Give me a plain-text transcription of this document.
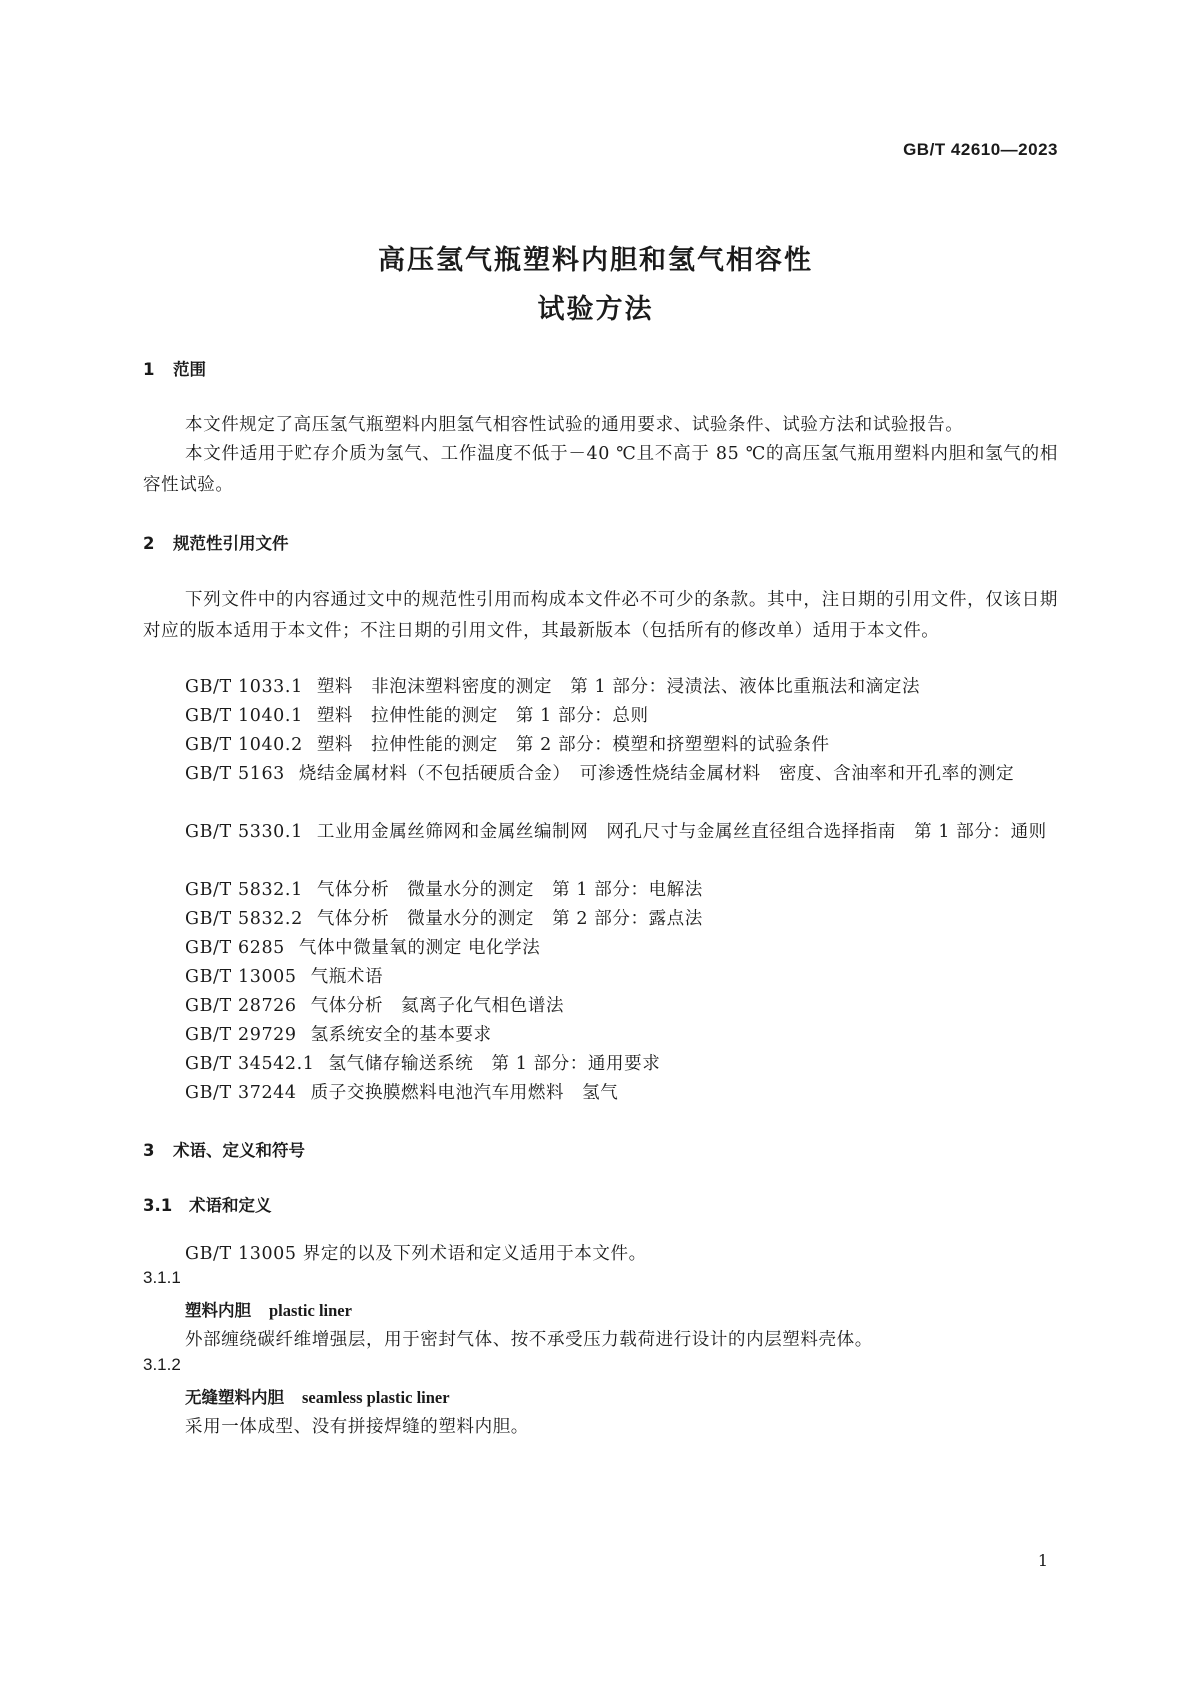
GB/T 42610—2023
高压氢气瓶塑料内胆和氢气相容性
试验方法
1 范围
本文件规定了高压氢气瓶塑料内胆氢气相容性试验的通用要求、试验条件、试验方法和试验报告。
本文件适用于贮存介质为氢气、工作温度不低于－40 ℃且不高于 85 ℃的高压氢气瓶用塑料内胆和氢气的相容性试验。
2 规范性引用文件
下列文件中的内容通过文中的规范性引用而构成本文件必不可少的条款。其中，注日期的引用文件，仅该日期对应的版本适用于本文件；不注日期的引用文件，其最新版本（包括所有的修改单）适用于本文件。
GB/T 1033.1 塑料　非泡沫塑料密度的测定　第 1 部分：浸渍法、液体比重瓶法和滴定法
GB/T 1040.1 塑料　拉伸性能的测定　第 1 部分：总则
GB/T 1040.2 塑料　拉伸性能的测定　第 2 部分：模塑和挤塑塑料的试验条件
GB/T 5163 烧结金属材料（不包括硬质合金）　可渗透性烧结金属材料　密度、含油率和开孔率的测定
GB/T 5330.1 工业用金属丝筛网和金属丝编制网　网孔尺寸与金属丝直径组合选择指南　第 1 部分：通则
GB/T 5832.1 气体分析　微量水分的测定　第 1 部分：电解法
GB/T 5832.2 气体分析　微量水分的测定　第 2 部分：露点法
GB/T 6285 气体中微量氧的测定 电化学法
GB/T 13005 气瓶术语
GB/T 28726 气体分析　氦离子化气相色谱法
GB/T 29729 氢系统安全的基本要求
GB/T 34542.1 氢气储存输送系统　第 1 部分：通用要求
GB/T 37244 质子交换膜燃料电池汽车用燃料　氢气
3 术语、定义和符号
3.1 术语和定义
GB/T 13005 界定的以及下列术语和定义适用于本文件。
3.1.1
塑料内胆 plastic liner
外部缠绕碳纤维增强层，用于密封气体、按不承受压力载荷进行设计的内层塑料壳体。
3.1.2
无缝塑料内胆 seamless plastic liner
采用一体成型、没有拼接焊缝的塑料内胆。
1
